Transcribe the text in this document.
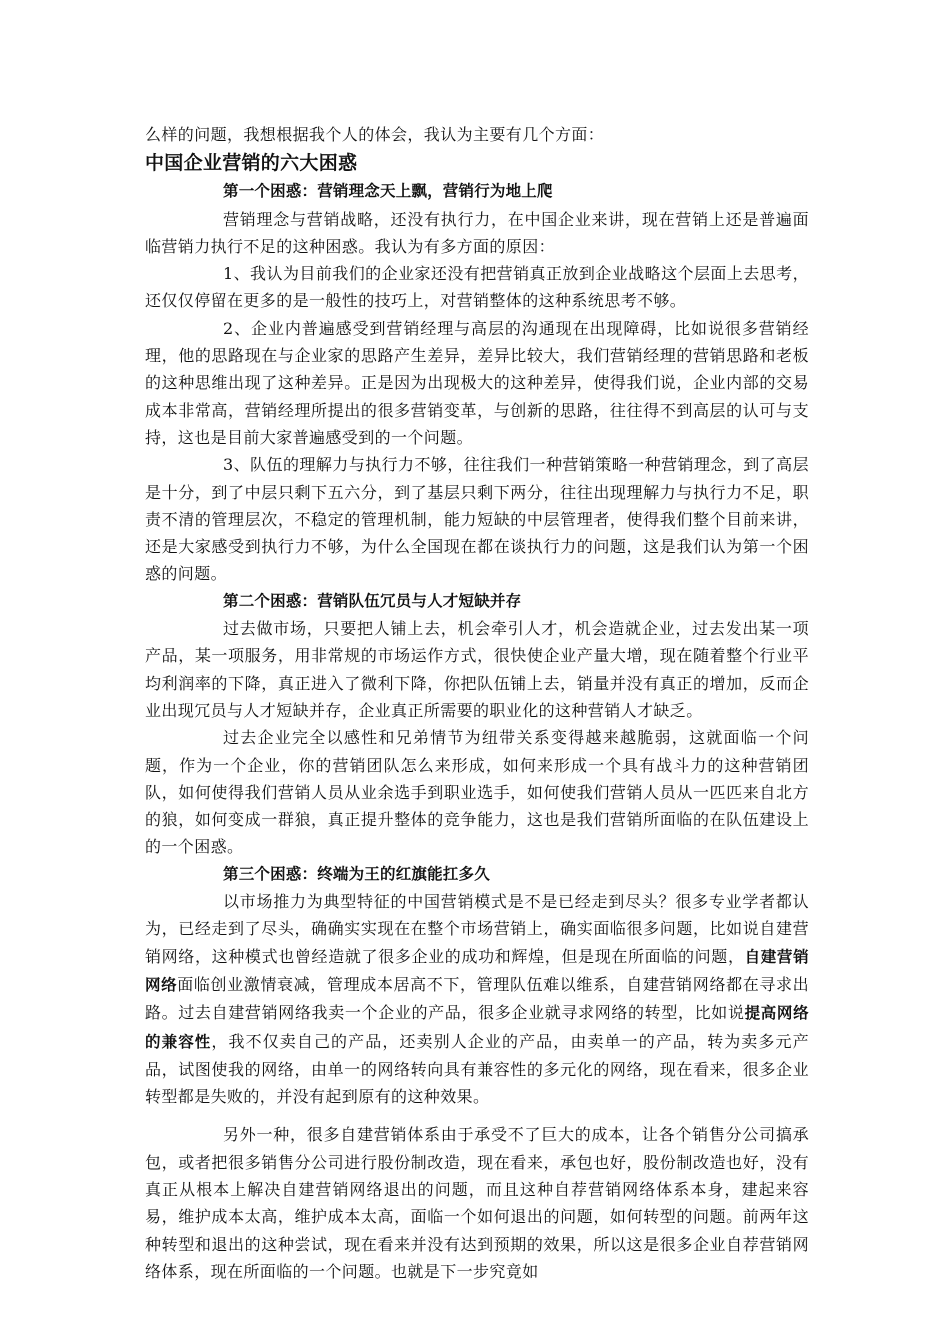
么样的问题，我想根据我个人的体会，我认为主要有几个方面：

中国企业营销的六大困惑

第一个困惑：营销理念天上飘，营销行为地上爬

营销理念与营销战略，还没有执行力，在中国企业来讲，现在营销上还是普遍面临营销力执行不足的这种困惑。我认为有多方面的原因：

1、我认为目前我们的企业家还没有把营销真正放到企业战略这个层面上去思考，还仅仅停留在更多的是一般性的技巧上，对营销整体的这种系统思考不够。

2、企业内普遍感受到营销经理与高层的沟通现在出现障碍，比如说很多营销经理，他的思路现在与企业家的思路产生差异，差异比较大，我们营销经理的营销思路和老板的这种思维出现了这种差异。正是因为出现极大的这种差异，使得我们说，企业内部的交易成本非常高，营销经理所提出的很多营销变革，与创新的思路，往往得不到高层的认可与支持，这也是目前大家普遍感受到的一个问题。

3、队伍的理解力与执行力不够，往往我们一种营销策略一种营销理念，到了高层是十分，到了中层只剩下五六分，到了基层只剩下两分，往往出现理解力与执行力不足，职责不清的管理层次，不稳定的管理机制，能力短缺的中层管理者，使得我们整个目前来讲，还是大家感受到执行力不够，为什么全国现在都在谈执行力的问题，这是我们认为第一个困惑的问题。

第二个困惑：营销队伍冗员与人才短缺并存

过去做市场，只要把人铺上去，机会牵引人才，机会造就企业，过去发出某一项产品，某一项服务，用非常规的市场运作方式，很快使企业产量大增，现在随着整个行业平均利润率的下降，真正进入了微利下降，你把队伍铺上去，销量并没有真正的增加，反而企业出现冗员与人才短缺并存，企业真正所需要的职业化的这种营销人才缺乏。

过去企业完全以感性和兄弟情节为纽带关系变得越来越脆弱，这就面临一个问题，作为一个企业，你的营销团队怎么来形成，如何来形成一个具有战斗力的这种营销团队，如何使得我们营销人员从业余选手到职业选手，如何使我们营销人员从一匹匹来自北方的狼，如何变成一群狼，真正提升整体的竞争能力，这也是我们营销所面临的在队伍建设上的一个困惑。

第三个困惑：终端为王的红旗能扛多久

以市场推力为典型特征的中国营销模式是不是已经走到尽头？很多专业学者都认为，已经走到了尽头，确确实实现在在整个市场营销上，确实面临很多问题，比如说自建营销网络，这种模式也曾经造就了很多企业的成功和辉煌，但是现在所面临的问题，自建营销网络面临创业激情衰减，管理成本居高不下，管理队伍难以维系，自建营销网络都在寻求出路。过去自建营销网络我卖一个企业的产品，很多企业就寻求网络的转型，比如说提高网络的兼容性，我不仅卖自己的产品，还卖别人企业的产品，由卖单一的产品，转为卖多元产品，试图使我的网络，由单一的网络转向具有兼容性的多元化的网络，现在看来，很多企业转型都是失败的，并没有起到原有的这种效果。

另外一种，很多自建营销体系由于承受不了巨大的成本，让各个销售分公司搞承包，或者把很多销售分公司进行股份制改造，现在看来，承包也好，股份制改造也好，没有真正从根本上解决自建营销网络退出的问题，而且这种自荐营销网络体系本身，建起来容易，维护成本太高，维护成本太高，面临一个如何退出的问题，如何转型的问题。前两年这种转型和退出的这种尝试，现在看来并没有达到预期的效果，所以这是很多企业自荐营销网络体系，现在所面临的一个问题。也就是下一步究竟如
